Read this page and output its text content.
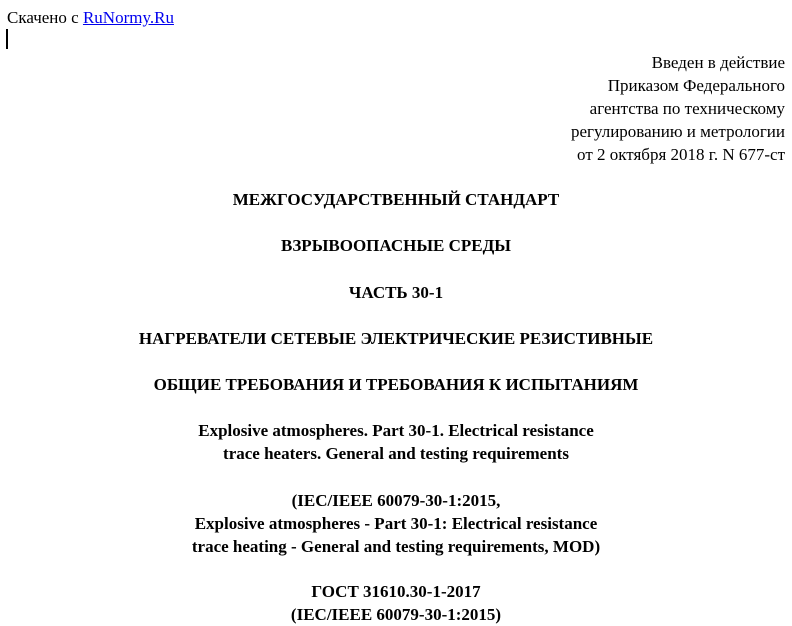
Скачено с RuNormy.Ru
Введен в действие
Приказом Федерального
агентства по техническому
регулированию и метрологии
от 2 октября 2018 г. N 677-ст
МЕЖГОСУДАРСТВЕННЫЙ СТАНДАРТ
ВЗРЫВООПАСНЫЕ СРЕДЫ
ЧАСТЬ 30-1
НАГРЕВАТЕЛИ СЕТЕВЫЕ ЭЛЕКТРИЧЕСКИЕ РЕЗИСТИВНЫЕ
ОБЩИЕ ТРЕБОВАНИЯ И ТРЕБОВАНИЯ К ИСПЫТАНИЯМ
Explosive atmospheres. Part 30-1. Electrical resistance
trace heaters. General and testing requirements
(IEC/IEEE 60079-30-1:2015,
Explosive atmospheres - Part 30-1: Electrical resistance
trace heating - General and testing requirements, MOD)
ГОСТ 31610.30-1-2017
(IEC/IEEE 60079-30-1:2015)
